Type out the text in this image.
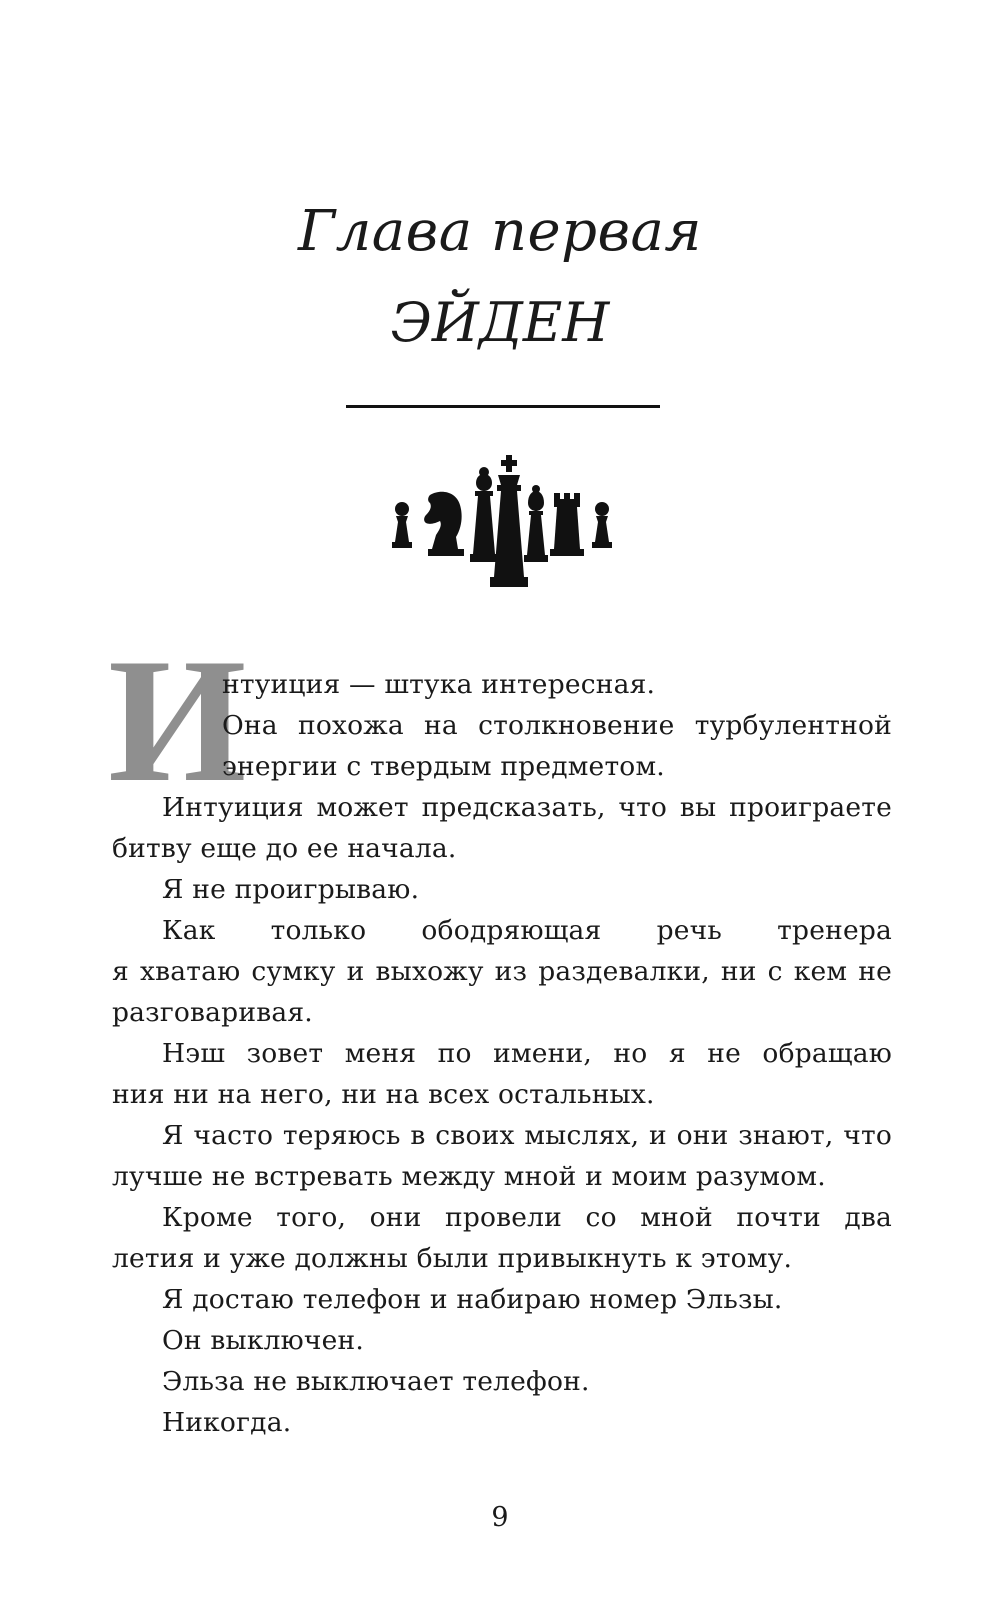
Глава первая
ЭЙДЕН
И
нтуиция — штука интересная.
Она похожа на столкновение турбулентной
энергии с твердым предметом.
Интуиция может предсказать, что вы проиграете
битву еще до ее начала.
Я не проигрываю.
Как только ободряющая речь тренера
я хватаю сумку и выхожу из раздевалки, ни с кем не
разговаривая.
Нэш зовет меня по имени, но я не обращаю
ния ни на него, ни на всех остальных.
Я часто теряюсь в своих мыслях, и они знают, что
лучше не встревать между мной и моим разумом.
Кроме того, они провели со мной почти два
летия и уже должны были привыкнуть к этому.
Я достаю телефон и набираю номер Эльзы.
Он выключен.
Эльза не выключает телефон.
Никогда.
9
